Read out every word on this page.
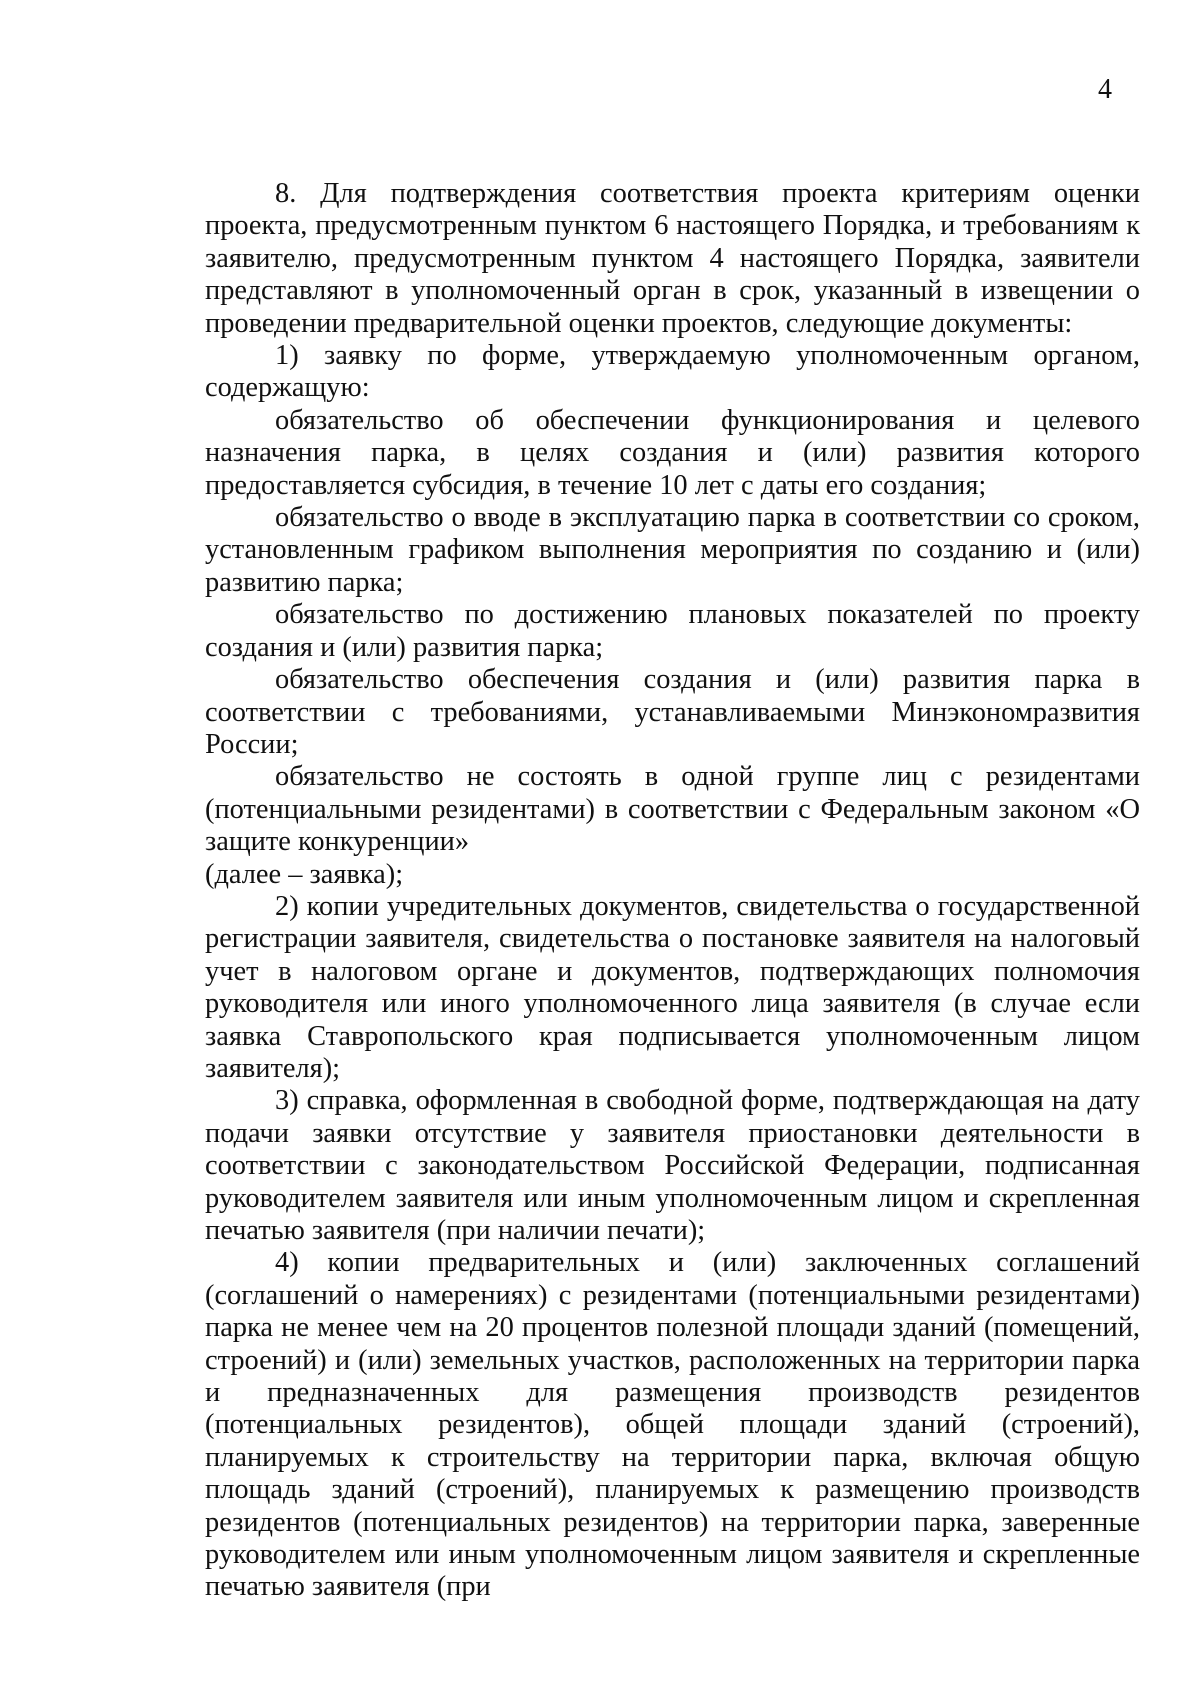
4

8. Для подтверждения соответствия проекта критериям оценки проекта, предусмотренным пунктом 6 настоящего Порядка, и требованиям к заявителю, предусмотренным пунктом 4 настоящего Порядка, заявители представляют в уполномоченный орган в срок, указанный в извещении о проведении предварительной оценки проектов, следующие документы:

1) заявку по форме, утверждаемую уполномоченным органом, содержащую:

обязательство об обеспечении функционирования и целевого назначения парка, в целях создания и (или) развития которого предоставляется субсидия, в течение 10 лет с даты его создания;

обязательство о вводе в эксплуатацию парка в соответствии со сроком, установленным графиком выполнения мероприятия по созданию и (или) развитию парка;

обязательство по достижению плановых показателей по проекту создания и (или) развития парка;

обязательство обеспечения создания и (или) развития парка в соответствии с требованиями, устанавливаемыми Минэкономразвития России;

обязательство не состоять в одной группе лиц с резидентами (потенциальными резидентами) в соответствии с Федеральным законом «О защите конкуренции»

(далее – заявка);

2) копии учредительных документов, свидетельства о государственной регистрации заявителя, свидетельства о постановке заявителя на налоговый учет в налоговом органе и документов, подтверждающих полномочия руководителя или иного уполномоченного лица заявителя (в случае если заявка Ставропольского края подписывается уполномоченным лицом заявителя);

3) справка, оформленная в свободной форме, подтверждающая на дату подачи заявки отсутствие у заявителя приостановки деятельности в соответствии с законодательством Российской Федерации, подписанная руководителем заявителя или иным уполномоченным лицом и скрепленная печатью заявителя (при наличии печати);

4) копии предварительных и (или) заключенных соглашений (соглашений о намерениях) с резидентами (потенциальными резидентами) парка не менее чем на 20 процентов полезной площади зданий (помещений, строений) и (или) земельных участков, расположенных на территории парка и предназначенных для размещения производств резидентов (потенциальных резидентов), общей площади зданий (строений), планируемых к строительству на территории парка, включая общую площадь зданий (строений), планируемых к размещению производств резидентов (потенциальных резидентов) на территории парка, заверенные руководителем или иным уполномоченным лицом заявителя и скрепленные печатью заявителя (при
